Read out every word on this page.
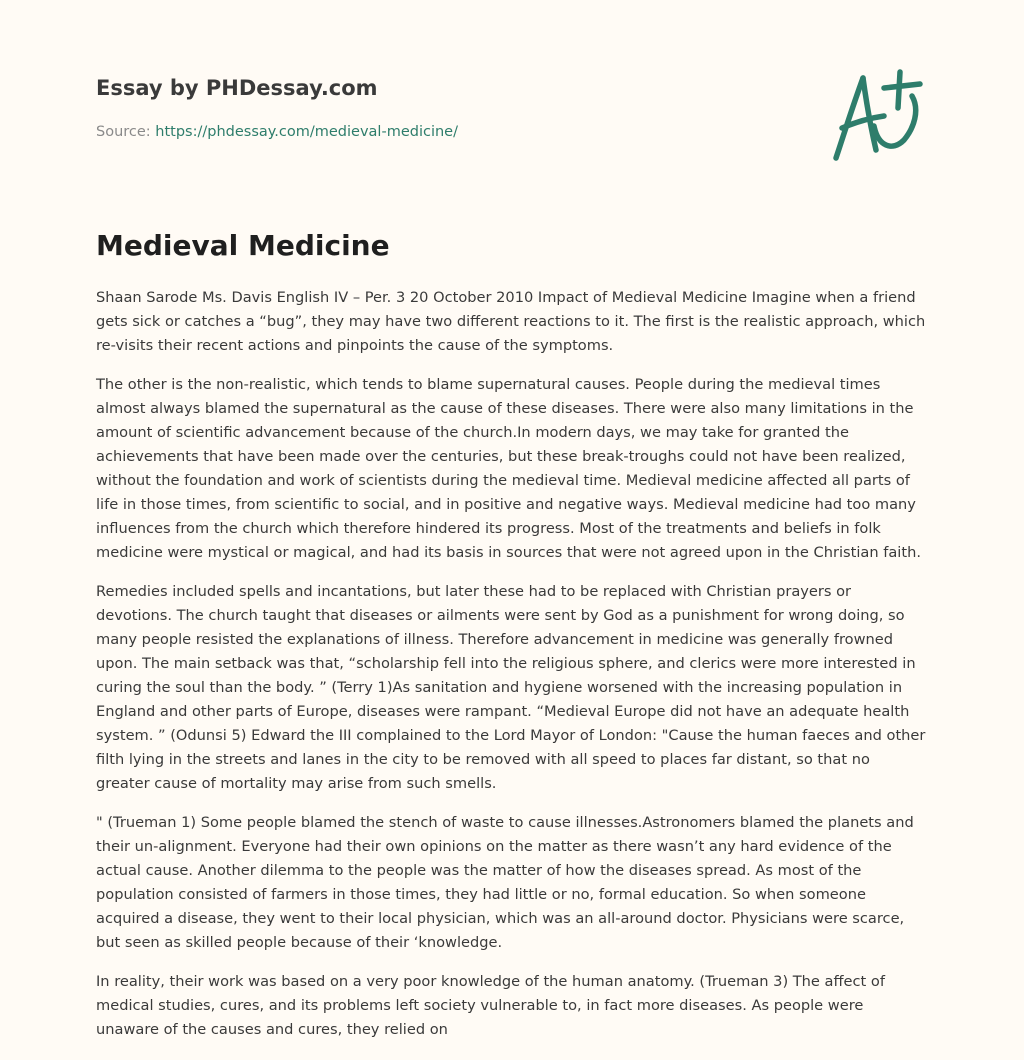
Essay by PHDessay.com
Source: https://phdessay.com/medieval-medicine/
Medieval Medicine

Shaan Sarode Ms. Davis English IV – Per. 3 20 October 2010 Impact of Medieval Medicine Imagine when a friend gets sick or catches a “bug”, they may have two different reactions to it. The first is the realistic approach, which re-visits their recent actions and pinpoints the cause of the symptoms.

The other is the non-realistic, which tends to blame supernatural causes. People during the medieval times almost always blamed the supernatural as the cause of these diseases. There were also many limitations in the amount of scientific advancement because of the church.In modern days, we may take for granted the achievements that have been made over the centuries, but these break-troughs could not have been realized, without the foundation and work of scientists during the medieval time. Medieval medicine affected all parts of life in those times, from scientific to social, and in positive and negative ways. Medieval medicine had too many influences from the church which therefore hindered its progress. Most of the treatments and beliefs in folk medicine were mystical or magical, and had its basis in sources that were not agreed upon in the Christian faith.

Remedies included spells and incantations, but later these had to be replaced with Christian prayers or devotions. The church taught that diseases or ailments were sent by God as a punishment for wrong doing, so many people resisted the explanations of illness. Therefore advancement in medicine was generally frowned upon. The main setback was that, “scholarship fell into the religious sphere, and clerics were more interested in curing the soul than the body. ” (Terry 1)As sanitation and hygiene worsened with the increasing population in England and other parts of Europe, diseases were rampant. “Medieval Europe did not have an adequate health system. ” (Odunsi 5) Edward the III complained to the Lord Mayor of London: "Cause the human faeces and other filth lying in the streets and lanes in the city to be removed with all speed to places far distant, so that no greater cause of mortality may arise from such smells.

" (Trueman 1) Some people blamed the stench of waste to cause illnesses.Astronomers blamed the planets and their un-alignment. Everyone had their own opinions on the matter as there wasn’t any hard evidence of the actual cause. Another dilemma to the people was the matter of how the diseases spread. As most of the population consisted of farmers in those times, they had little or no, formal education. So when someone acquired a disease, they went to their local physician, which was an all-around doctor. Physicians were scarce, but seen as skilled people because of their ‘knowledge.

In reality, their work was based on a very poor knowledge of the human anatomy. (Trueman 3) The affect of medical studies, cures, and its problems left society vulnerable to, in fact more diseases. As people were unaware of the causes and cures, they relied on
